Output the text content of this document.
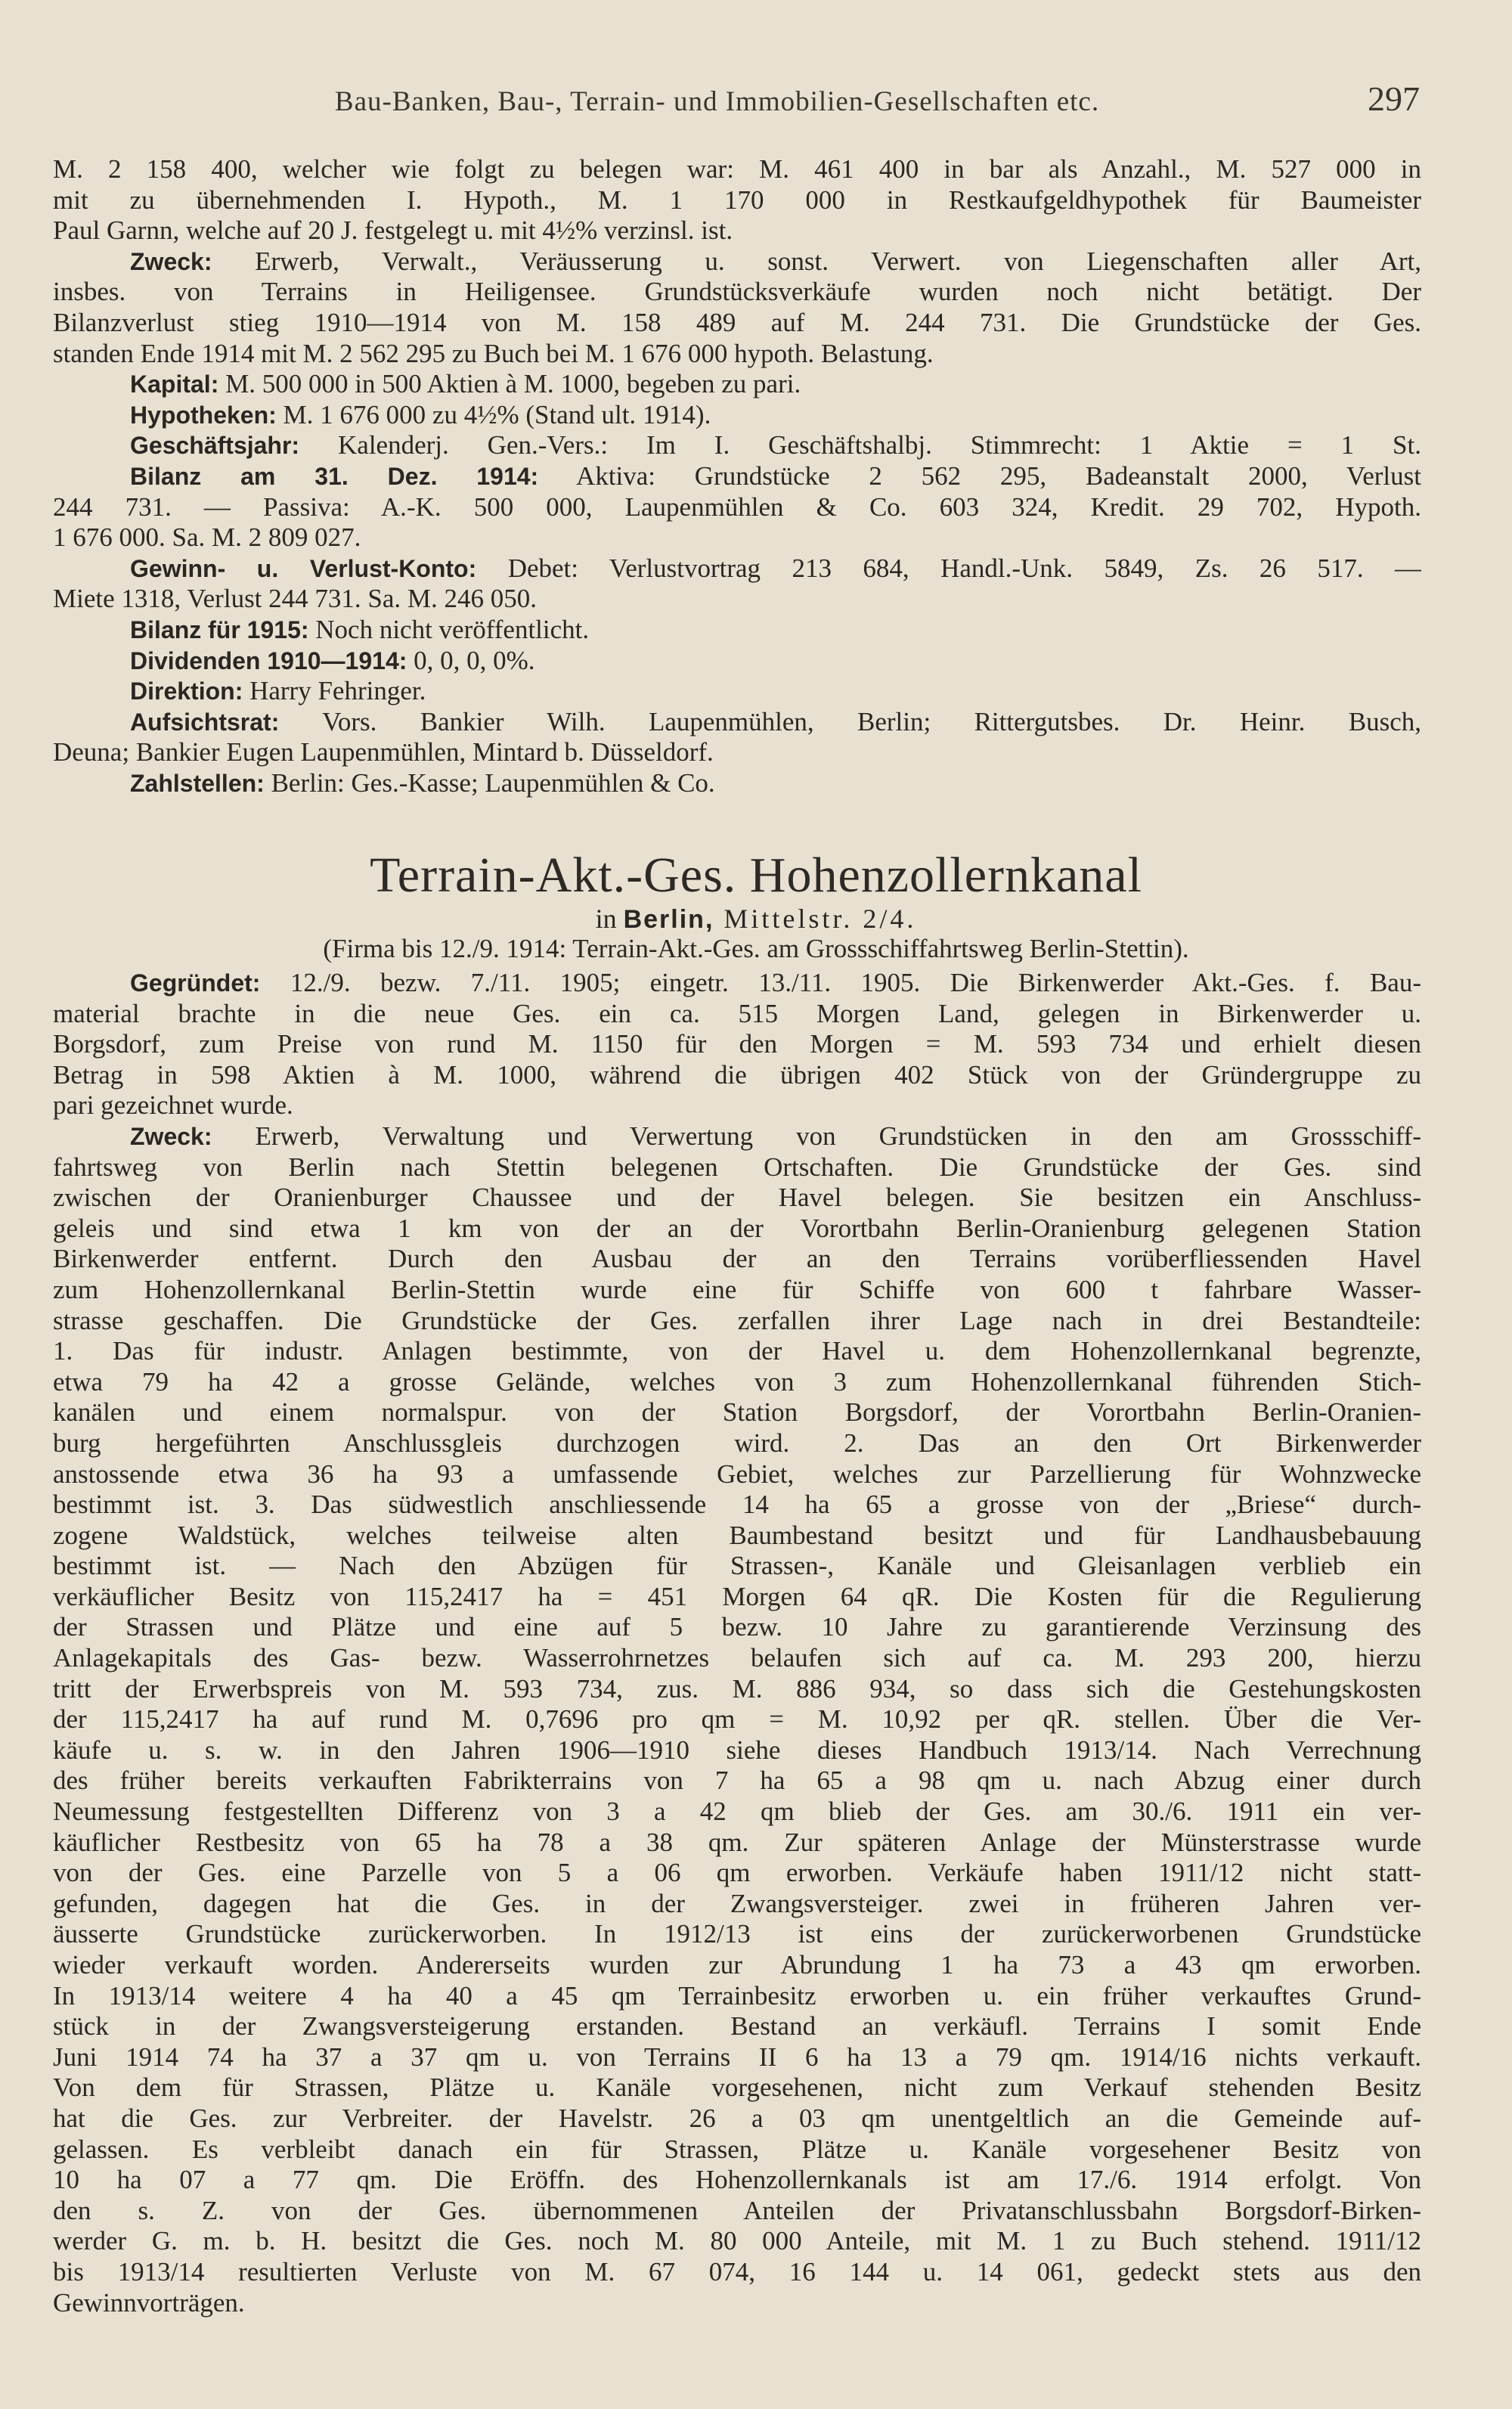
Bau-Banken, Bau-, Terrain- und Immobilien-Gesellschaften etc.	297
M. 2 158 400, welcher wie folgt zu belegen war: M. 461 400 in bar als Anzahl., M. 527 000 in
mit zu übernehmenden I. Hypoth., M. 1 170 000 in Restkaufgeldhypothek für Baumeister
Paul Garnn, welche auf 20 J. festgelegt u. mit 4½% verzinsl. ist.
Zweck: Erwerb, Verwalt., Veräusserung u. sonst. Verwert. von Liegenschaften aller Art,
insbes. von Terrains in Heiligensee. Grundstücksverkäufe wurden noch nicht betätigt. Der
Bilanzverlust stieg 1910—1914 von M. 158 489 auf M. 244 731. Die Grundstücke der Ges.
standen Ende 1914 mit M. 2 562 295 zu Buch bei M. 1 676 000 hypoth. Belastung.
Kapital: M. 500 000 in 500 Aktien à M. 1000, begeben zu pari.
Hypotheken: M. 1 676 000 zu 4½% (Stand ult. 1914).
Geschäftsjahr: Kalenderj. Gen.-Vers.: Im I. Geschäftshalbj. Stimmrecht: 1 Aktie = 1 St.
Bilanz am 31. Dez. 1914: Aktiva: Grundstücke 2 562 295, Badeanstalt 2000, Verlust
244 731. — Passiva: A.-K. 500 000, Laupenmühlen & Co. 603 324, Kredit. 29 702, Hypoth.
1 676 000. Sa. M. 2 809 027.
Gewinn- u. Verlust-Konto: Debet: Verlustvortrag 213 684, Handl.-Unk. 5849, Zs. 26 517. —
Miete 1318, Verlust 244 731. Sa. M. 246 050.
Bilanz für 1915: Noch nicht veröffentlicht.
Dividenden 1910—1914: 0, 0, 0, 0%.
Direktion: Harry Fehringer.
Aufsichtsrat: Vors. Bankier Wilh. Laupenmühlen, Berlin; Rittergutsbes. Dr. Heinr. Busch,
Deuna; Bankier Eugen Laupenmühlen, Mintard b. Düsseldorf.
Zahlstellen: Berlin: Ges.-Kasse; Laupenmühlen & Co.
Terrain-Akt.-Ges. Hohenzollernkanal
in Berlin, Mittelstr. 2/4.
(Firma bis 12./9. 1914: Terrain-Akt.-Ges. am Grossschiffahrtsweg Berlin-Stettin).
Gegründet: 12./9. bezw. 7./11. 1905; eingetr. 13./11. 1905. Die Birkenwerder Akt.-Ges. f. Bau-
material brachte in die neue Ges. ein ca. 515 Morgen Land, gelegen in Birkenwerder u.
Borgsdorf, zum Preise von rund M. 1150 für den Morgen = M. 593 734 und erhielt diesen
Betrag in 598 Aktien à M. 1000, während die übrigen 402 Stück von der Gründergruppe zu
pari gezeichnet wurde.
Zweck: Erwerb, Verwaltung und Verwertung von Grundstücken in den am Grossschiff-
fahrtsweg von Berlin nach Stettin belegenen Ortschaften. Die Grundstücke der Ges. sind
zwischen der Oranienburger Chaussee und der Havel belegen. Sie besitzen ein Anschluss-
geleis und sind etwa 1 km von der an der Vorortbahn Berlin-Oranienburg gelegenen Station
Birkenwerder entfernt. Durch den Ausbau der an den Terrains vorüberfliessenden Havel
zum Hohenzollernkanal Berlin-Stettin wurde eine für Schiffe von 600 t fahrbare Wasser-
strasse geschaffen. Die Grundstücke der Ges. zerfallen ihrer Lage nach in drei Bestandteile:
1. Das für industr. Anlagen bestimmte, von der Havel u. dem Hohenzollernkanal begrenzte,
etwa 79 ha 42 a grosse Gelände, welches von 3 zum Hohenzollernkanal führenden Stich-
kanälen und einem normalspur. von der Station Borgsdorf, der Vorortbahn Berlin-Oranien-
burg hergeführten Anschlussgleis durchzogen wird. 2. Das an den Ort Birkenwerder
anstossende etwa 36 ha 93 a umfassende Gebiet, welches zur Parzellierung für Wohnzwecke
bestimmt ist. 3. Das südwestlich anschliessende 14 ha 65 a grosse von der „Briese“ durch-
zogene Waldstück, welches teilweise alten Baumbestand besitzt und für Landhausbebauung
bestimmt ist. — Nach den Abzügen für Strassen-, Kanäle und Gleisanlagen verblieb ein
verkäuflicher Besitz von 115,2417 ha = 451 Morgen 64 qR. Die Kosten für die Regulierung
der Strassen und Plätze und eine auf 5 bezw. 10 Jahre zu garantierende Verzinsung des
Anlagekapitals des Gas- bezw. Wasserrohrnetzes belaufen sich auf ca. M. 293 200, hierzu
tritt der Erwerbspreis von M. 593 734, zus. M. 886 934, so dass sich die Gestehungskosten
der 115,2417 ha auf rund M. 0,7696 pro qm = M. 10,92 per qR. stellen. Über die Ver-
käufe u. s. w. in den Jahren 1906—1910 siehe dieses Handbuch 1913/14. Nach Verrechnung
des früher bereits verkauften Fabrikterrains von 7 ha 65 a 98 qm u. nach Abzug einer durch
Neumessung festgestellten Differenz von 3 a 42 qm blieb der Ges. am 30./6. 1911 ein ver-
käuflicher Restbesitz von 65 ha 78 a 38 qm. Zur späteren Anlage der Münsterstrasse wurde
von der Ges. eine Parzelle von 5 a 06 qm erworben. Verkäufe haben 1911/12 nicht statt-
gefunden, dagegen hat die Ges. in der Zwangsversteiger. zwei in früheren Jahren ver-
äusserte Grundstücke zurückerworben. In 1912/13 ist eins der zurückerworbenen Grundstücke
wieder verkauft worden. Andererseits wurden zur Abrundung 1 ha 73 a 43 qm erworben.
In 1913/14 weitere 4 ha 40 a 45 qm Terrainbesitz erworben u. ein früher verkauftes Grund-
stück in der Zwangsversteigerung erstanden. Bestand an verkäufl. Terrains I somit Ende
Juni 1914 74 ha 37 a 37 qm u. von Terrains II 6 ha 13 a 79 qm. 1914/16 nichts verkauft.
Von dem für Strassen, Plätze u. Kanäle vorgesehenen, nicht zum Verkauf stehenden Besitz
hat die Ges. zur Verbreiter. der Havelstr. 26 a 03 qm unentgeltlich an die Gemeinde auf-
gelassen. Es verbleibt danach ein für Strassen, Plätze u. Kanäle vorgesehener Besitz von
10 ha 07 a 77 qm. Die Eröffn. des Hohenzollernkanals ist am 17./6. 1914 erfolgt. Von
den s. Z. von der Ges. übernommenen Anteilen der Privatanschlussbahn Borgsdorf-Birken-
werder G. m. b. H. besitzt die Ges. noch M. 80 000 Anteile, mit M. 1 zu Buch stehend. 1911/12
bis 1913/14 resultierten Verluste von M. 67 074, 16 144 u. 14 061, gedeckt stets aus den
Gewinnvorträgen.
